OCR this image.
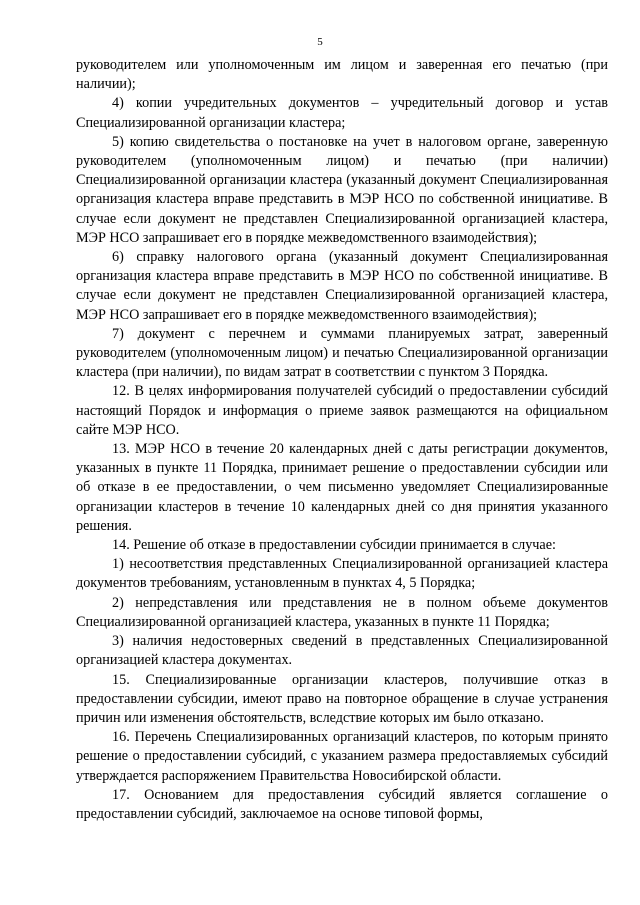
5

руководителем или уполномоченным им лицом и заверенная его печатью (при наличии);

4) копии учредительных документов – учредительный договор и устав Специализированной организации кластера;

5) копию свидетельства о постановке на учет в налоговом органе, заверенную руководителем (уполномоченным лицом) и печатью (при наличии) Специализированной организации кластера (указанный документ Специализированная организация кластера вправе представить в МЭР НСО по собственной инициативе. В случае если документ не представлен Специализированной организацией кластера, МЭР НСО запрашивает его в порядке межведомственного взаимодействия);

6) справку налогового органа (указанный документ Специализированная организация кластера вправе представить в МЭР НСО по собственной инициативе. В случае если документ не представлен Специализированной организацией кластера, МЭР НСО запрашивает его в порядке межведомственного взаимодействия);

7) документ с перечнем и суммами планируемых затрат, заверенный руководителем (уполномоченным лицом) и печатью Специализированной организации кластера (при наличии), по видам затрат в соответствии с пунктом 3 Порядка.

12. В целях информирования получателей субсидий о предоставлении субсидий настоящий Порядок и информация о приеме заявок размещаются на официальном сайте МЭР НСО.

13. МЭР НСО в течение 20 календарных дней с даты регистрации документов, указанных в пункте 11 Порядка, принимает решение о предоставлении субсидии или об отказе в ее предоставлении, о чем письменно уведомляет Специализированные организации кластеров в течение 10 календарных дней со дня принятия указанного решения.

14. Решение об отказе в предоставлении субсидии принимается в случае:

1) несоответствия представленных Специализированной организацией кластера документов требованиям, установленным в пунктах 4, 5 Порядка;

2) непредставления или представления не в полном объеме документов Специализированной организацией кластера, указанных в пункте 11 Порядка;

3) наличия недостоверных сведений в представленных Специализированной организацией кластера документах.

15. Специализированные организации кластеров, получившие отказ в предоставлении субсидии, имеют право на повторное обращение в случае устранения причин или изменения обстоятельств, вследствие которых им было отказано.

16. Перечень Специализированных организаций кластеров, по которым принято решение о предоставлении субсидий, с указанием размера предоставляемых субсидий утверждается распоряжением Правительства Новосибирской области.

17. Основанием для предоставления субсидий является соглашение о предоставлении субсидий, заключаемое на основе типовой формы,
